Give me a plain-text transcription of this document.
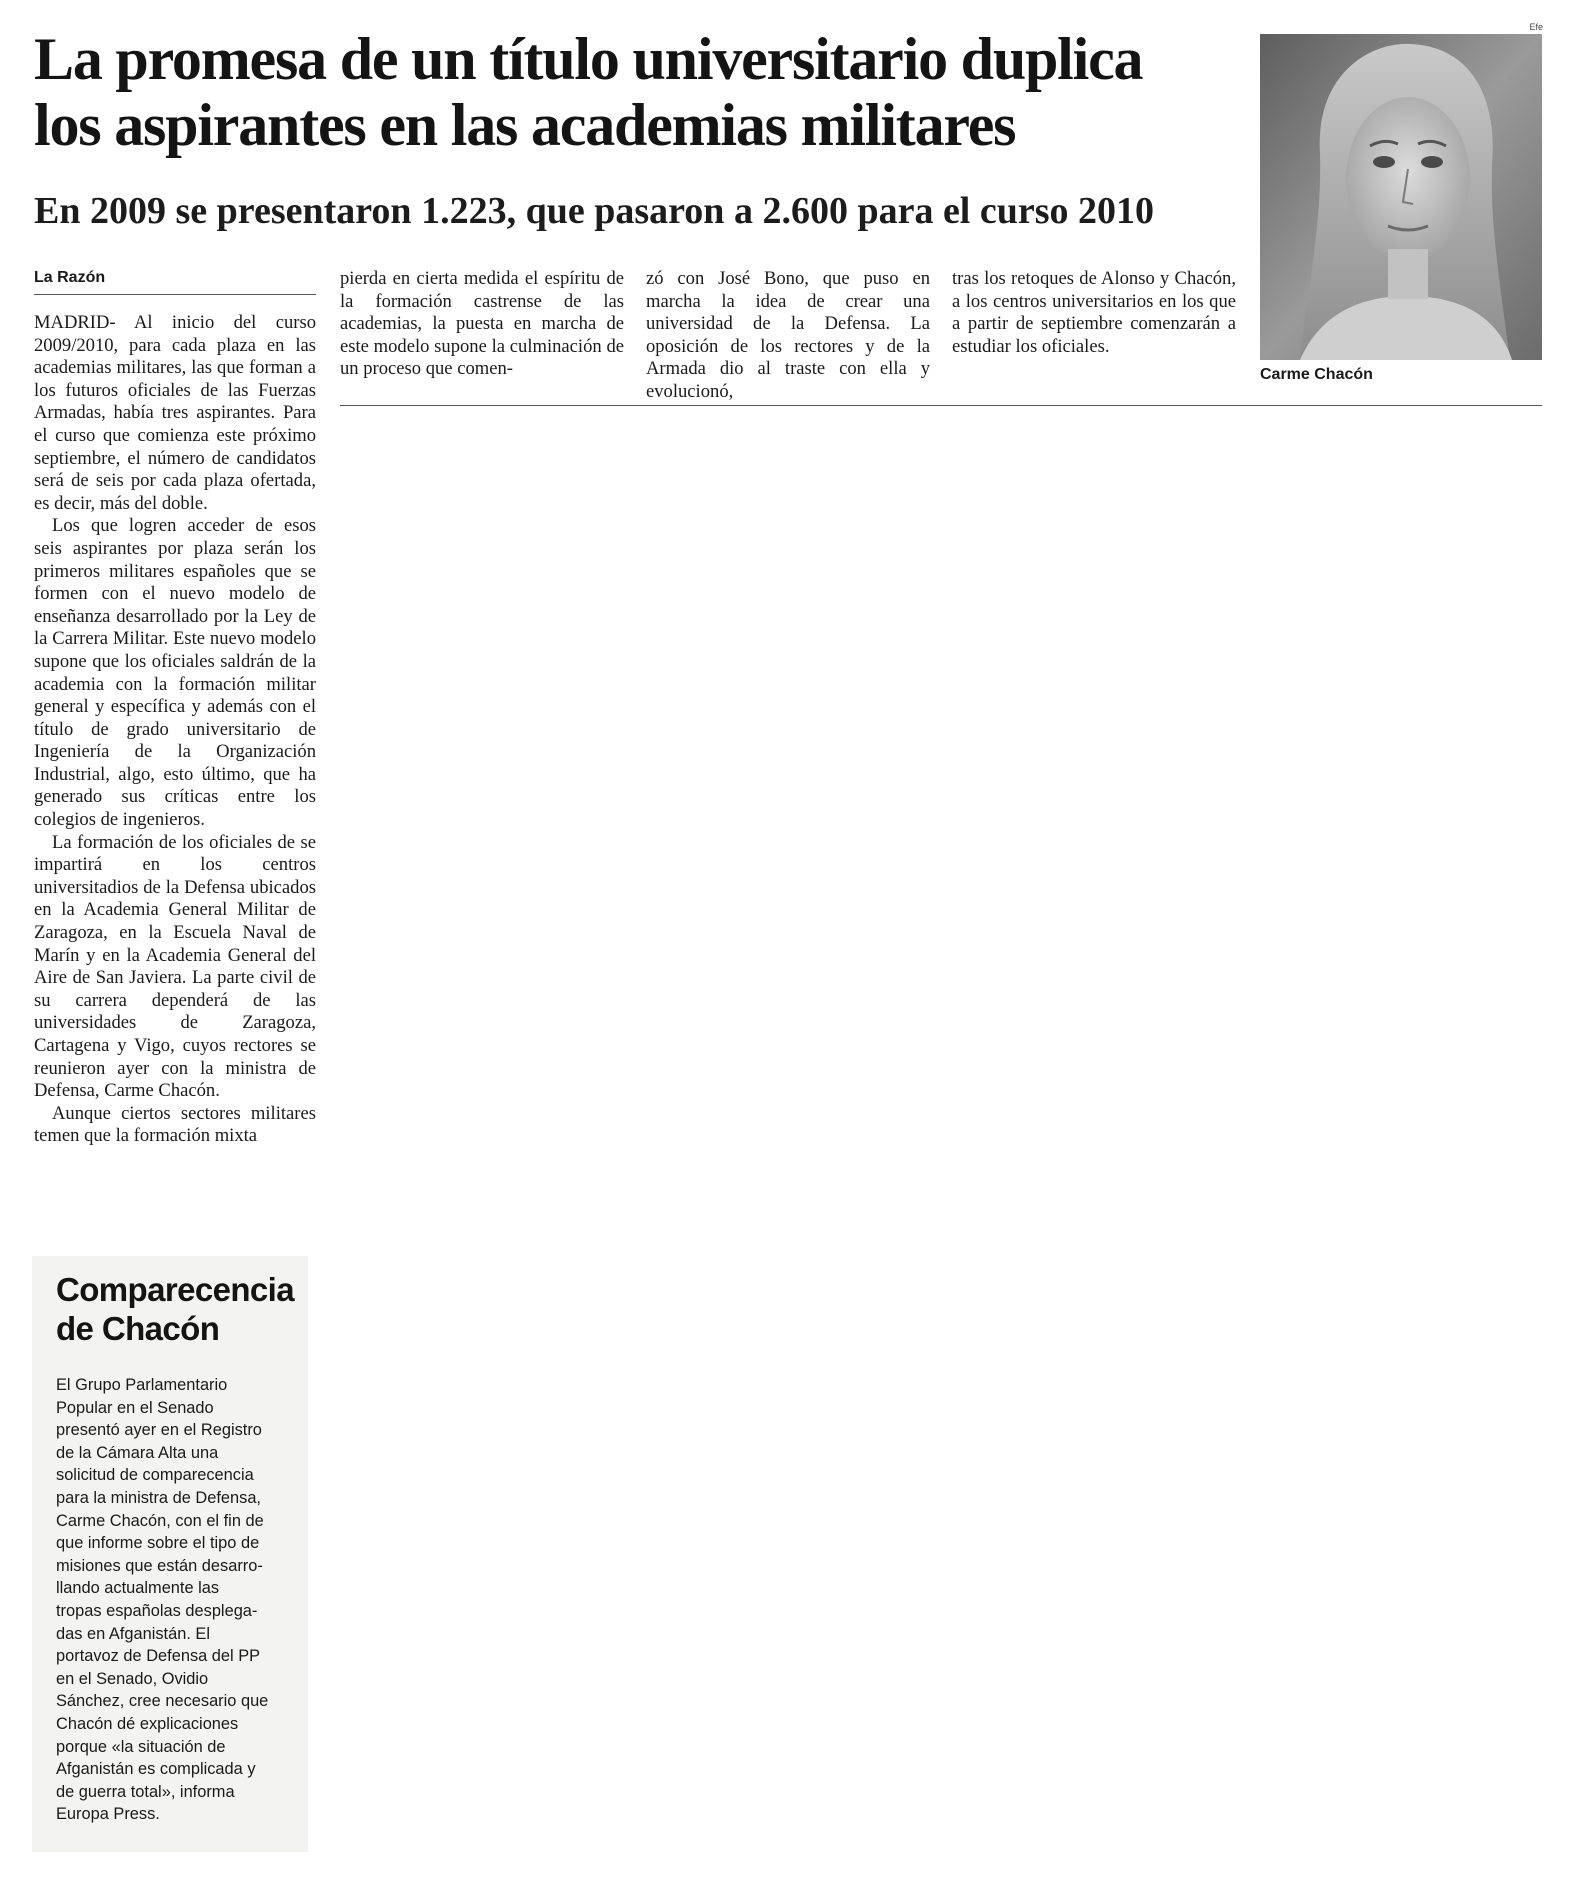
La promesa de un título universitario duplica
los aspirantes en las academias militares
En 2009 se presentaron 1.223, que pasaron a 2.600 para el curso 2010
La Razón

MADRID- Al inicio del curso 2009/2010, para cada plaza en las academias militares, las que forman a los futuros oficiales de las Fuerzas Armadas, había tres aspirantes. Para el curso que comienza este próximo septiembre, el número de candidatos será de seis por cada plaza ofertada, es decir, más del doble.

Los que logren acceder de esos seis aspirantes por plaza serán los primeros militares españoles que se formen con el nuevo modelo de enseñanza desarrollado por la Ley de la Carrera Militar. Este nuevo modelo supone que los oficiales saldrán de la academia con la formación militar general y específica y además con el título de grado universitario de Ingeniería de la Organización Industrial, algo, esto último, que ha generado sus críticas entre los colegios de ingenieros.

La formación de los oficiales de se impartirá en los centros universitadios de la Defensa ubicados en la Academia General Militar de Zaragoza, en la Escuela Naval de Marín y en la Academia General del Aire de San Javiera. La parte civil de su carrera dependerá de las universidades de Zaragoza, Cartagena y Vigo, cuyos rectores se reunieron ayer con la ministra de Defensa, Carme Chacón.

Aunque ciertos sectores militares temen que la formación mixta

pierda en cierta medida el espíritu de la formación castrense de las academias, la puesta en marcha de este modelo supone la culminación de un proceso que comen-

zó con José Bono, que puso en marcha la idea de crear una universidad de la Defensa. La oposición de los rectores y de la Armada dio al traste con ella y evolucionó,

tras los retoques de Alonso y Chacón, a los centros universitarios en los que a partir de septiembre comenzarán a estudiar los oficiales.

Efe
Carme Chacón
Comparecencia
de Chacón
El Grupo Parlamentario
Popular en el Senado
presentó ayer en el Registro
de la Cámara Alta una
solicitud de comparecencia
para la ministra de Defensa,
Carme Chacón, con el fin de
que informe sobre el tipo de
misiones que están desarro-
llando actualmente las
tropas españolas desplega-
das en Afganistán. El
portavoz de Defensa del PP
en el Senado, Ovidio
Sánchez, cree necesario que
Chacón dé explicaciones
porque «la situación de
Afganistán es complicada y
de guerra total», informa
Europa Press.
